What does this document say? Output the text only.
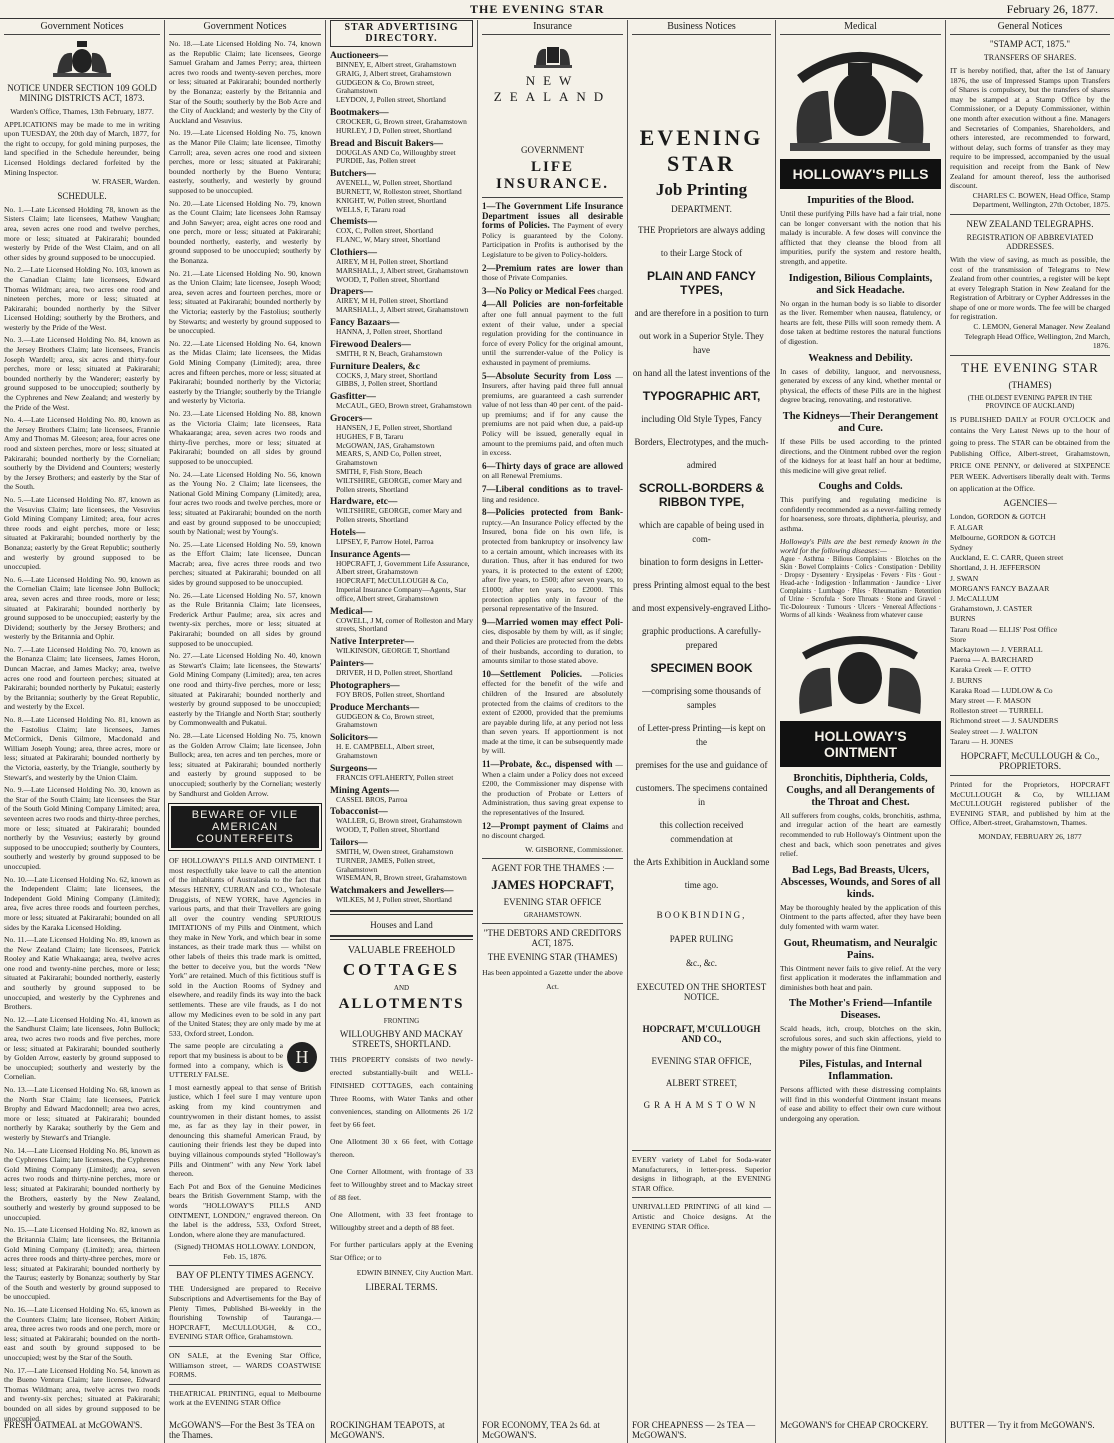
THE EVENING STAR	February 26, 1877.
Government Notices
NOTICE UNDER SECTION 109 GOLD MINING DISTRICTS ACT, 1873.
Warden's Office, Thames, 13th February, 1877.
APPLICATIONS may be made to me in writing upon TUESDAY, the 20th day of March, 1877, for the right to occupy, for gold mining purposes, the land specified in the Schedule hereunder, being Licensed Holdings declared forfeited by the Mining Inspector.
W. FRASER, Warden.
SCHEDULE.

No. 1.—Late Licensed Holding 78, known as the Sisters Claim; late licensees, Mathew Vaughan; area, seven acres one rood and twelve perches, more or less; situated at Pakirarahi; bounded westerly by Pride of the West Claim, and on all other sides by ground supposed to be unoccupied.

No. 2.—Late Licensed Holding No. 103, known as the Canadian Claim; late licensees, Edward Thomas Wildman; area, two acres one rood and nineteen perches, more or less; situated at Pakirarahi; bounded northerly by the Silver Licensed Holding; southerly by the Brothers, and westerly by the Pride of the West.

No. 3.—Late Licensed Holding No. 84, known as the Jersey Brothers Claim; late licensees, Francis Joseph Wardell; area, six acres and thirty-four perches, more or less; situated at Pakirarahi; bounded northerly by the Wanderer; easterly by ground supposed to be unoccupied; southerly by the Cyphrenes and New Zealand; and westerly by the Pride of the West.

No. 4.—Late Licensed Holding No. 80, known as the Jersey Brothers Claim; late licensees, Frannie Amy and Thomas M. Gleeson; area, four acres one rood and sixteen perches, more or less; situated at Pakirarahi; bounded northerly by the Cornelian; southerly by the Dividend and Counters; westerly by the Jersey Brothers; and easterly by the Star of the South.

No. 5.—Late Licensed Holding No. 87, known as the Vesuvius Claim; late licensees, the Vesuvius Gold Mining Company Limited; area, four acres three roods and eight perches, more or less; situated at Pakirarahi; bounded northerly by the Bonanza; easterly by the Great Republic; southerly and westerly by ground supposed to be unoccupied.

No. 6.—Late Licensed Holding No. 90, known as the Cornelian Claim; late licensee John Bullock; area, seven acres and three roods, more or less; situated at Pakirarahi; bounded northerly by ground supposed to be unoccupied; easterly by the Dividend; southerly by the Jersey Brothers; and westerly by the Britannia and Ophir.

No. 7.—Late Licensed Holding No. 70, known as the Bonanza Claim; late licensees, James Horon, Duncan Macrae, and James Macky; area, twelve acres one rood and fourteen perches; situated at Pakirarahi; bounded northerly by Pukatui; easterly by the Britannia; southerly by the Great Republic, and westerly by the Excel.

No. 8.—Late Licensed Holding No. 81, known as the Fastolius Claim; late licensees, James McCormick, Denis Gilmore, Macdonald and William Joseph Young; area, three acres, more or less; situated at Pakirarahi; bounded northerly by the Victoria, easterly, by the Triangle, southerly by Stewart's, and westerly by the Union Claim.

No. 9.—Late Licensed Holding No. 30, known as the Star of the South Claim; late licensees the Star of the South Gold Mining Company Limited; area, seventeen acres two roods and thirty-three perches, more or less; situated at Pakirarahi; bounded northerly by the Vesuvius; easterly by ground supposed to be unoccupied; southerly by Counters, southerly and westerly by ground supposed to be unoccupied.

No. 10.—Late Licensed Holding No. 62, known as the Independent Claim; late licensees, the Independent Gold Mining Company (Limited); area, five acres three roods and fourteen perches, more or less; situated at Pakirarahi; bounded on all sides by the Karaka Licensed Holding.

No. 11.—Late Licensed Holding No. 89, known as the New Zealand Claim; late licensees, Patrick Rooley and Katie Whakaanga; area, twelve acres one rood and twenty-nine perches, more or less; situated at Pakirarahi; bounded northerly, easterly and southerly by ground supposed to be unoccupied, and westerly by the Cyphrenes and Brothers.

No. 12.—Late Licensed Holding No. 41, known as the Sandhurst Claim; late licensees, John Bullock; area, two acres two roods and five perches, more or less; situated at Pakirarahi; bounded southerly by Golden Arrow, easterly by ground supposed to be unoccupied; southerly and westerly by the Cornelian.

No. 13.—Late Licensed Holding No. 68, known as the North Star Claim; late licensees, Patrick Brophy and Edward Macdonnell; area two acres, more or less; situated at Pakirarahi; bounded northerly by Karaka; southerly by the Gem and westerly by Stewart's and Triangle.

No. 14.—Late Licensed Holding No. 86, known as the Cyphrenes Claim; late licensees, the Cyphrenes Gold Mining Company (Limited); area, seven acres two roods and thirty-nine perches, more or less; situated at Pakirarahi; bounded northerly by the Brothers, easterly by the New Zealand, southerly and westerly by ground supposed to be unoccupied.

No. 15.—Late Licensed Holding No. 82, known as the Britannia Claim; late licensees, the Britannia Gold Mining Company (Limited); area, thirteen acres three roods and thirty-three perches, more or less; situated at Pakirarahi; bounded northerly by the Taurus; easterly by Bonanza; southerly by Star of the South and westerly by ground supposed to be unoccupied.

No. 16.—Late Licensed Holding No. 65, known as the Counters Claim; late licensee, Robert Aitkin; area, three acres two roods and one perch, more or less; situated at Pakirarahi; bounded on the north-east and south by ground supposed to be unoccupied; west by the Star of the South.

No. 17.—Late Licensed Holding No. 54, known as the Bueno Ventura Claim; late licensee, Edward Thomas Wildman; area, twelve acres two roods and twenty-six perches; situated at Pakirarahi; bounded on all sides by ground supposed to be unoccupied.

Government Notices

No. 18.—Late Licensed Holding No. 74, known as the Republic Claim; late licensees, George Samuel Graham and James Perry; area, thirteen acres two roods and twenty-seven perches, more or less; situated at Pakirarahi; bounded northerly by the Bonanza; easterly by the Britannia and Star of the South; southerly by the Bob Acre and the City of Auckland; and westerly by the City of Auckland and Vesuvius.

No. 19.—Late Licensed Holding No. 75, known as the Manor Pile Claim; late licensee, Timothy Carroll; area, seven acres one rood and sixteen perches, more or less; situated at Pakirarahi; bounded northerly by the Bueno Ventura; easterly, southerly, and westerly by ground supposed to be unoccupied.

No. 20.—Late Licensed Holding No. 79, known as the Count Claim; late licensees John Ramsay and John Sawyer; area, eight acres one rood and one perch, more or less; situated at Pakirarahi; bounded northerly, easterly, and westerly by ground supposed to be unoccupied; southerly by the Bonanza.

No. 21.—Late Licensed Holding No. 90, known as the Union Claim; late licensee, Joseph Wood; area, seven acres and fourteen perches, more or less; situated at Pakirarahi; bounded northerly by the Victoria; easterly by the Fastolius; southerly by Stewarts; and westerly by ground supposed to be unoccupied.

No. 22.—Late Licensed Holding No. 64, known as the Midas Claim; late licensees, the Midas Gold Mining Company (Limited); area, three acres and fifteen perches, more or less; situated at Pakirarahi; bounded northerly by the Victoria; easterly by the Triangle; southerly by the Triangle and westerly by Victoria.

No. 23.—Late Licensed Holding No. 88, known as the Victoria Claim; late licensees, Rata Whakaaranga; area, seven acres two roods and thirty-five perches, more or less; situated at Pakirarahi; bounded on all sides by ground supposed to be unoccupied.

No. 24.—Late Licensed Holding No. 56, known as the Young No. 2 Claim; late licensees, the National Gold Mining Company (Limited); area, four acres two roods and twelve perches, more or less; situated at Pakirarahi; bounded on the north and east by ground supposed to be unoccupied; south by National; west by Young's.

No. 25.—Late Licensed Holding No. 59, known as the Effort Claim; late licensee, Duncan Macrab; area, five acres three roods and two perches; situated at Pakirarahi; bounded on all sides by ground supposed to be unoccupied.

No. 26.—Late Licensed Holding No. 57, known as the Rule Britannia Claim; late licensees, Frederick Arthur Paulme; area, six acres and twenty-six perches, more or less; situated at Pakirarahi; bounded on all sides by ground supposed to be unoccupied.

No. 27.—Late Licensed Holding No. 40, known as Stewart's Claim; late licensees, the Stewarts' Gold Mining Company (Limited); area, ten acres one rood and thirty-five perches, more or less; situated at Pakirarahi; bounded northerly and westerly by ground supposed to be unoccupied; easterly by the Triangle and North Star; southerly by Commonwealth and Pukatui.

No. 28.—Late Licensed Holding No. 75, known as the Golden Arrow Claim; late licensee, John Bullock; area, ten acres and ten perches, more or less; situated at Pakirarahi; bounded northerly and easterly by ground supposed to be unoccupied; southerly by the Cornelian; westerly by Sandhurst and Golden Arrow.

BEWARE OF VILE AMERICAN COUNTERFEITS
OF HOLLOWAY'S PILLS AND OINTMENT. I most respectfully take leave to call the attention of the inhabitants of Australasia to the fact that Messrs HENRY, CURRAN and CO., Wholesale Druggists, of NEW YORK, have Agencies in various parts, and that their Travellers are going all over the country vending SPURIOUS IMITATIONS of my Pills and Ointment, which they make in New York, and which bear in some instances, as their trade mark thus — whilst on other labels of theirs this trade mark is omitted, the better to deceive you, but the words "New York" are retained. Much of this fictitious stuff is sold in the Auction Rooms of Sydney and elsewhere, and readily finds its way into the back settlements. These are vile frauds, as I do not allow my Medicines even to be sold in any part of the United States; they are only made by me at 533, Oxford street, London.
H
The same people are circulating a report that my business is about to be formed into a company, which is UTTERLY FALSE.
I most earnestly appeal to that sense of British justice, which I feel sure I may venture upon asking from my kind countrymen and countrywomen in their distant homes, to assist me, as far as they lay in their power, in denouncing this shameful American Fraud, by cautioning their friends lest they be duped into buying villainous compounds styled "Holloway's Pills and Ointment" with any New York label thereon.
Each Pot and Box of the Genuine Medicines bears the British Government Stamp, with the words "HOLLOWAY'S PILLS AND OINTMENT, LONDON," engraved thereon. On the label is the address, 533, Oxford Street, London, where alone they are manufactured.
(Signed) THOMAS HOLLOWAY. LONDON, Feb. 15, 1876.
BAY OF PLENTY TIMES AGENCY.
THE Undersigned are prepared to Receive Subscriptions and Advertisements for the Bay of Plenty Times, Published Bi-weekly in the flourishing Township of Tauranga.—HOPCRAFT, McCULLOUGH, & CO., EVENING STAR Office, Grahamstown.
ON SALE, at the Evening Star Office, Williamson street, — WARDS COASTWISE FORMS.
THEATRICAL PRINTING, equal to Melbourne work at the EVENING STAR Office
STAR ADVERTISING DIRECTORY.
Auctioneers—
BINNEY, E, Albert street, Grahamstown
GRAIG, J, Albert street, Grahamstown
GUDGEON & Co, Brown street, Grahamstown
LEYDON, J, Pollen street, Shortland
Bootmakers—
CROCKER, G, Brown street, Grahamstown
HURLEY, J D, Pollen street, Shortland
Bread and Biscuit Bakers—
DOUGLAS AND Co, Willoughby street
PURDIE, Jas, Pollen street
Butchers—
AVENELL, W, Pollen street, Shortland
BURNETT, W, Rolleston street, Shortland
KNIGHT, W, Pollen street, Shortland
WELLS, F, Tararu road
Chemists—
COX, C, Pollen street, Shortland
FLANC, W, Mary street, Shortland
Clothiers—
AIREY, M H, Pollen street, Shortland
MARSHALL, J, Albert street, Grahamstown
WOOD, T, Pollen street, Shortland
Drapers—
AIREY, M H, Pollen street, Shortland
MARSHALL, J, Albert street, Grahamstown
Fancy Bazaars—
HANNA, J, Pollen street, Shortland
Firewood Dealers—
SMITH, R N, Beach, Grahamstown
Furniture Dealers, &c
COCKS, J, Mary street, Shortland
GIBBS, J, Pollen street, Shortland
Gasfitter—
McCAUL, GEO, Brown street, Grahamstown
Grocers—
HANSEN, J E, Pollen street, Shortland
HUGHES, F B, Tararu
McGOWAN, JAS, Grahamstown
MEARS, S, AND Co, Pollen street, Grahamstown
SMITH, F, Fish Store, Beach
WILTSHIRE, GEORGE, corner Mary and Pollen streets, Shortland
Hardware, etc—
WILTSHIRE, GEORGE, corner Mary and Pollen streets, Shortland
Hotels—
LIPSEY, F, Parrow Hotel, Parroa
Insurance Agents—
HOPCRAFT, J, Government Life Assurance, Albert street, Grahamstown
HOPCRAFT, McCULLOUGH & Co, Imperial Insurance Company—Agents, Star office, Albert street, Grahamstown
Medical—
COWELL, J M, corner of Rolleston and Mary streets, Shortland
Native Interpreter—
WILKINSON, GEORGE T, Shortland
Painters—
DRIVER, H D, Pollen street, Shortland
Photographers—
FOY BROS, Pollen street, Shortland
Produce Merchants—
GUDGEON & Co, Brown street, Grahamstown
Solicitors—
H. E. CAMPBELL, Albert street, Grahamstown
Surgeons—
FRANCIS O'FLAHERTY, Pollen street
Mining Agents—
CASSEL BROS, Parroa
Tobacconist—
WALLER, G, Brown street, Grahamstown
WOOD, T, Pollen street, Shortland
Tailors—
SMITH, W, Owen street, Grahamstown
TURNER, JAMES, Pollen street, Grahamstown
WISEMAN, R, Brown street, Grahamstown
Watchmakers and Jewellers—
WILKES, M J, Pollen street, Shortland
Houses and Land
VALUABLE FREEHOLD
COTTAGES
AND
ALLOTMENTS
FRONTING
WILLOUGHBY AND MACKAY STREETS, SHORTLAND.
THIS PROPERTY consists of two newly-erected substantially-built and WELL-FINISHED COTTAGES, each containing Three Rooms, with Water Tanks and other conveniences, standing on Allotments 26 1/2 feet by 66 feet.
One Allotment 30 x 66 feet, with Cottage thereon.
One Corner Allotment, with frontage of 33 feet to Willoughby street and to Mackay street of 88 feet.
One Allotment, with 33 feet frontage to Willoughby street and a depth of 88 feet.
For further particulars apply at the Evening Star Office; or to
EDWIN BINNEY, City Auction Mart.
LIBERAL TERMS.
Insurance
NEW ZEALAND
GOVERNMENT
LIFE INSURANCE.
1—The Government Life Insurance Department issues all desirable forms of Policies. The Payment of every Policy is guaranteed by the Colony. Participation in Profits is authorised by the Legislature to be given to Policy-holders.
2—Premium rates are lower than those of Private Companies.
3—No Policy or Medical Fees charged.
4—All Policies are non-forfeitable after one full annual payment to the full extent of their value, under a special regulation providing for the continuance in force of every Policy for the original amount, until the surrender-value of the Policy is exhausted in payment of premiums.
5—Absolute Security from Loss —Insurers, after having paid three full annual premiums, are guaranteed a cash surrender value of not less than 40 per cent. of the paid-up premiums; and if for any cause the premiums are not paid when due, a paid-up Policy will be issued, generally equal in amount to the premiums paid, and often much in excess.
6—Thirty days of grace are allowed on all Renewal Premiums.
7—Liberal conditions as to travel- ling and residence.
8—Policies protected from Bank- ruptcy.—An Insurance Policy effected by the Insured, bona fide on his own life, is protected from bankruptcy or insolvency law to a certain amount, which increases with its duration. Thus, after it has endured for two years, it is protected to the extent of £200; after five years, to £500; after seven years, to £1000; after ten years, to £2000. This protection applies only in favour of the personal representative of the Insured.
9—Married women may effect Poli- cies, disposable by them by will, as if single; and their Policies are protected from the debts of their husbands, according to duration, to amounts similar to those stated above.
10—Settlement Policies. —Policies effected for the benefit of the wife and children of the Insured are absolutely protected from the claims of creditors to the extent of £2000, provided that the premiums are payable during life, at any period not less than seven years. If apportionment is not made at the time, it can be subsequently made by will.
11—Probate, &c., dispensed with —When a claim under a Policy does not exceed £200, the Commissioner may dispense with the production of Probate or Letters of Administration, thus saving great expense to the representatives of the Insured.
12—Prompt payment of Claims and no discount charged.
W. GISBORNE, Commissioner.
AGENT FOR THE THAMES :—
JAMES HOPCRAFT,
EVENING STAR OFFICE
GRAHAMSTOWN.
"THE DEBTORS AND CREDITORS ACT, 1875.
THE EVENING STAR (THAMES)
Has been appointed a Gazette under the above Act.
Business Notices
EVENING STAR
Job Printing
DEPARTMENT.
THE Proprietors are always adding
to their Large Stock of
PLAIN AND FANCY TYPES,
and are therefore in a position to turn
out work in a Superior Style. They have
on hand all the latest inventions of the
TYPOGRAPHIC ART,
including Old Style Types, Fancy
Borders, Electrotypes, and the much-
admired
SCROLL-BORDERS & RIBBON TYPE,
which are capable of being used in com-
bination to form designs in Letter-
press Printing almost equal to the best
and most expensively-engraved Litho-
graphic productions. A carefully-prepared
SPECIMEN BOOK
—comprising some thousands of samples
of Letter-press Printing—is kept on the
premises for the use and guidance of
customers. The specimens contained in
this collection received commendation at
the Arts Exhibition in Auckland some
time ago.
BOOKBINDING,
PAPER RULING
&c., &c.
EXECUTED ON THE SHORTEST NOTICE.
HOPCRAFT, M'CULLOUGH AND CO.,
EVENING STAR OFFICE,
ALBERT STREET,
GRAHAMSTOWN
EVERY variety of Label for Soda-water Manufacturers, in letter-press. Superior designs in lithograph, at the EVENING STAR Office.
UNRIVALLED PRINTING of all kind —Artistic and Choice designs. At the EVENING STAR Office.
Medical
HOLLOWAY'S PILLS
Impurities of the Blood.
Until these purifying Pills have had a fair trial, none can be longer conversant with the notion that his malady is incurable. A few doses will convince the afflicted that they cleanse the blood from all impurities, purify the system and restore health, strength, and appetite.
Indigestion, Bilious Complaints, and Sick Headache.
No organ in the human body is so liable to disorder as the liver. Remember when nausea, flatulency, or hearts are felt, these Pills will soon remedy them. A dose taken at bedtime restores the natural functions of digestion.
Weakness and Debility.
In cases of debility, languor, and nervousness, generated by excess of any kind, whether mental or physical, the effects of these Pills are in the highest degree bracing, renovating, and restorative.
The Kidneys—Their Derangement and Cure.
If these Pills be used according to the printed directions, and the Ointment rubbed over the region of the kidneys for at least half an hour at bedtime, this medicine will give great relief.
Coughs and Colds.
This purifying and regulating medicine is confidently recommended as a never-failing remedy for hoarseness, sore throats, diphtheria, pleurisy, and asthma.
Holloway's Pills are the best remedy known in the world for the following diseases:—
Ague · Asthma · Bilious Complaints · Blotches on the Skin · Bowel Complaints · Colics · Constipation · Debility · Dropsy · Dysentery · Erysipelas · Fevers · Fits · Gout · Head-ache · Indigestion · Inflammation · Jaundice · Liver Complaints · Lumbago · Piles · Rheumatism · Retention of Urine · Scrofula · Sore Throats · Stone and Gravel · Tic-Doloureux · Tumours · Ulcers · Venereal Affections · Worms of all kinds · Weakness from whatever cause
HOLLOWAY'S OINTMENT
Bronchitis, Diphtheria, Colds, Coughs, and all Derangements of the Throat and Chest.
All sufferers from coughs, colds, bronchitis, asthma, and irregular action of the heart are earnestly recommended to rub Holloway's Ointment upon the chest and back, which soon penetrates and gives relief.
Bad Legs, Bad Breasts, Ulcers, Abscesses, Wounds, and Sores of all kinds.
May be thoroughly healed by the application of this Ointment to the parts affected, after they have been duly fomented with warm water.
Gout, Rheumatism, and Neuralgic Pains.
This Ointment never fails to give relief. At the very first application it moderates the inflammation and diminishes both heat and pain.
The Mother's Friend—Infantile Diseases.
Scald heads, itch, croup, blotches on the skin, scrofulous sores, and such skin affections, yield to the mighty power of this fine Ointment.
Piles, Fistulas, and Internal Inflammation.
Persons afflicted with these distressing complaints will find in this wonderful Ointment instant means of ease and ability to effect their own cure without undergoing any operation.
General Notices
"STAMP ACT, 1875."
TRANSFERS OF SHARES.
IT is hereby notified, that, after the 1st of January 1876, the use of Impressed Stamps upon Transfers of Shares is compulsory, but the transfers of shares may be stamped at a Stamp Office by the Commissioner, or a Deputy Commissioner, within one month after execution without a fine. Managers and Secretaries of Companies, Shareholders, and others interested, are recommended to forward, without delay, such forms of transfer as they may require to be impressed, accompanied by the usual requisition and receipt from the Bank of New Zealand for amount thereof, less the authorised discount.
CHARLES C. BOWEN, Head Office, Stamp Department, Wellington, 27th October, 1875.
NEW ZEALAND TELEGRAPHS.
REGISTRATION OF ABBREVIATED ADDRESSES.
With the view of saving, as much as possible, the cost of the transmission of Telegrams to New Zealand from other countries, a register will be kept at every Telegraph Station in New Zealand for the Registration of Arbitrary or Cypher Addresses in the shape of one or more words. The fee will be charged for registration.
C. LEMON, General Manager. New Zealand Telegraph Head Office, Wellington, 2nd March, 1876.
THE EVENING STAR
(THAMES)
(THE OLDEST EVENING PAPER IN THE PROVINCE OF AUCKLAND)
IS PUBLISHED DAILY at FOUR O'CLOCK and contains the Very Latest News up to the hour of going to press. The STAR can be obtained from the Publishing Office, Albert-street, Grahamstown, PRICE ONE PENNY, or delivered at SIXPENCE PER WEEK. Advertisers liberally dealt with. Terms on application at the Office.
AGENCIES—
London, GORDON & GOTCH
F. ALGAR
Melbourne, GORDON & GOTCH
Sydney
Auckland, E. C. CARR, Queen street
Shortland, J. H. JEFFERSON
J. SWAN
MORGAN'S FANCY BAZAAR
J. McCALLUM
Grahamstown, J. CASTER
BURNS
Tararu Road — ELLIS' Post Office
Store
Mackaytown — J. VERRALL
Paeroa — A. BARCHARD
Karaka Creek — F. OTTO
J. BURNS
Karaka Road — LUDLOW & Co
Mary street — F. MASON
Rolleston street — TURRELL
Richmond street — J. SAUNDERS
Sealey street — J. WALTON
Tararu — H. JONES
HOPCRAFT, McCULLOUGH & Co., PROPRIETORS.
Printed for the Proprietors, HOPCRAFT McCULLOUGH & Co, by WILLIAM McCULLOUGH registered publisher of the EVENING STAR, and published by him at the Office, Albert-street, Grahamstown, Thames.
MONDAY, FEBRUARY 26, 1877
FRESH OATMEAL at McGOWAN'S.	McGOWAN'S—For the Best 3s TEA on the Thames.
ROCKINGHAM TEAPOTS, at McGOWAN'S.
FOR ECONOMY, TEA 2s 6d. at McGOWAN'S.
FOR CHEAPNESS — 2s TEA — McGOWAN'S.
McGOWAN'S for CHEAP CROCKERY.	BUTTER — Try it from McGOWAN'S.
